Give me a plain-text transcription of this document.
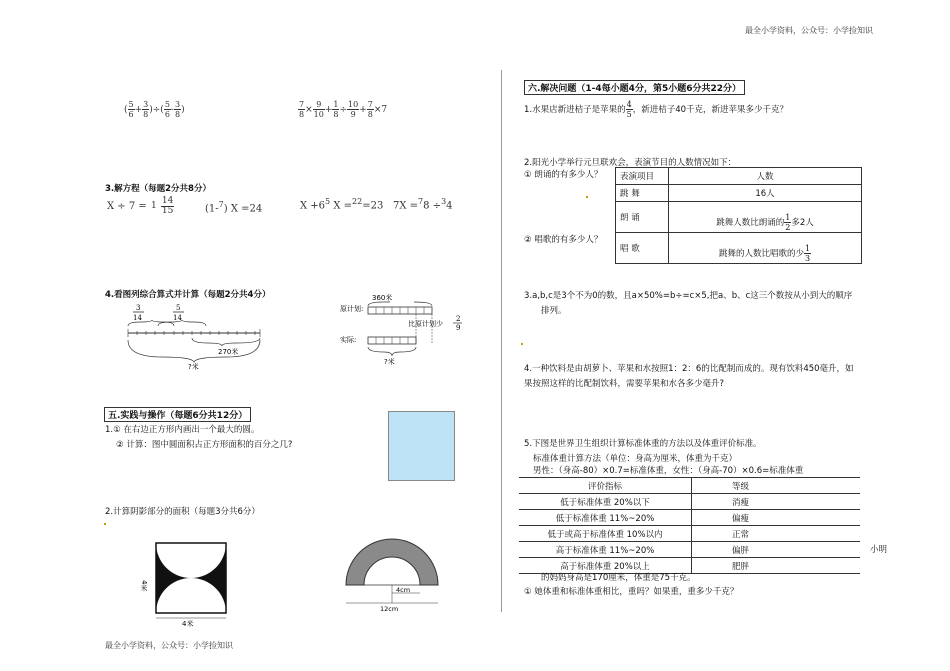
最全小学资料，公众号：小学捡知识
最全小学资料，公众号：小学捡知识
( $\frac{5}{6} + \frac{3}{8}$ )÷( $\frac{5}{6} - \frac{3}{8}$ )	$\frac{7}{8} \times \frac{9}{10} + \frac{1}{8} \div \frac{10}{9} + \frac{7}{8} \times 7$
3.解方程（每题2分共8分）
X ÷ 7 = 1
$\frac{14}{15}$	(1-$^7$) X =24	$X +6^5$ X =$^{22}$=23 7X =$^7$8 ÷$^3$4
4.看图列综合算式并计算（每题2分共4分）
3
14
5
14
270米
?米
360米
原计划:
比原计划少
2
9
实际:
?米
五.实践与操作（每题6分共12分）
1.① 在右边正方形内画出一个最大的圆。
② 计算：图中圆面积占正方形面积的百分之几?
2.计算阴影部分的面积（每题3分共6分）
4米
4米
4cm
12cm
六.解决问题（1-4每小题4分，第5小题6分共22分）
1.水果店新进桔子是苹果的 $\frac{4}{5}$ ，新进桔子40千克，新进苹果多少千克？
2.阳光小学举行元旦联欢会，表演节目的人数情况如下：
① 朗诵的有多少人？
② 唱歌的有多少人？
表演项目	人数
跳 舞	16人
朗 诵	跳舞人数比朗诵的 $\frac{1}{2}$ 多2人
唱 歌	跳舞的人数比唱歌的少 $\frac{1}{3}$
3.a,b,c是3个不为0的数，且a×50%=b÷=c×5,把a、b、c这三个数按从小到大的顺序
排列。
4.一种饮料是由胡萝卜、苹果和水按照1：2：6的比配制而成的。现有饮料450毫升，如
果按照这样的比配制饮料，需要苹果和水各多少毫升?
5.下图是世界卫生组织计算标准体重的方法以及体重评价标准。
标准体重计算方法（单位：身高为厘米，体重为千克）
男性：（身高-80）×0.7=标准体重，女性：（身高-70）×0.6=标准体重
评价指标	等级
低于标准体重 20%以下	消瘦
低于标准体重 11%~20%	偏瘦
低于或高于标准体重 10%以内	正常
高于标准体重 11%~20%	偏胖
高于标准体重 20%以上	肥胖
小明
的妈妈身高是170厘米，体重是75千克。
① 她体重和标准体重相比，重吗？如果重，重多少千克？
